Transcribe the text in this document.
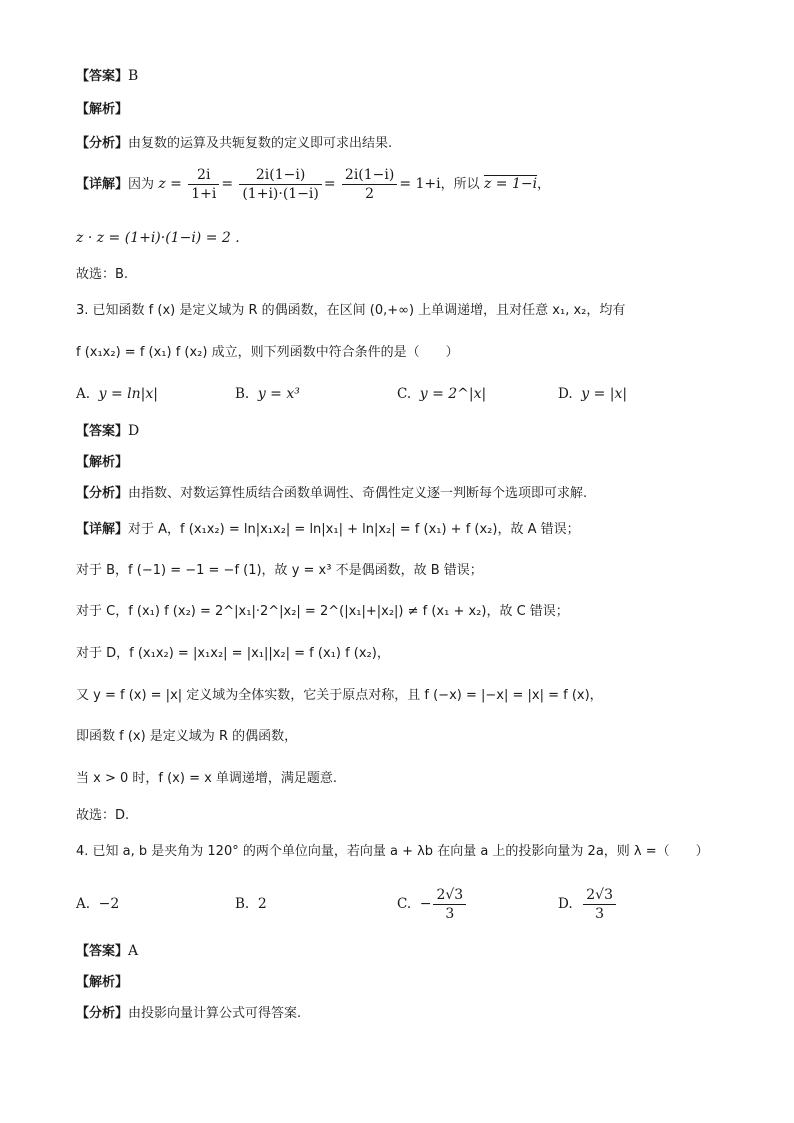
【答案】B
【解析】
【分析】由复数的运算及共轭复数的定义即可求出结果.
【详解】因为 $z = \frac{2i}{1+i} = \frac{2i(1-i)}{(1+i)\cdot(1-i)} = \frac{2i(1-i)}{2} = 1+i$，所以 z = 1−i，
z · z = (1+i)·(1−i) = 2 .
故选：B.
3. 已知函数 f (x) 是定义域为 R 的偶函数，在区间 (0,+∞) 上单调递增，且对任意 x₁, x₂，均有
f (x₁x₂) = f (x₁) f (x₂) 成立，则下列函数中符合条件的是（　　）
A. y = ln|x|	B. y = x³	C. y = 2^|x|	D. y = |x|
【答案】D
【解析】
【分析】由指数、对数运算性质结合函数单调性、奇偶性定义逐一判断每个选项即可求解.
【详解】对于 A，f (x₁x₂) = ln|x₁x₂| = ln|x₁| + ln|x₂| = f (x₁) + f (x₂)，故 A 错误；
对于 B，f (−1) = −1 = −f (1)，故 y = x³ 不是偶函数，故 B 错误；
对于 C，f (x₁) f (x₂) = 2^|x₁|·2^|x₂| = 2^(|x₁|+|x₂|) ≠ f (x₁ + x₂)，故 C 错误；
对于 D，f (x₁x₂) = |x₁x₂| = |x₁||x₂| = f (x₁) f (x₂)，
又 y = f (x) = |x| 定义域为全体实数，它关于原点对称，且 f (−x) = |−x| = |x| = f (x)，
即函数 f (x) 是定义域为 R 的偶函数，
当 x > 0 时，f (x) = x 单调递增，满足题意.
故选：D.
4. 已知 a, b 是夹角为 120° 的两个单位向量，若向量 a + λb 在向量 a 上的投影向量为 2a，则 λ =（　　）
A. −2	B. 2	C. − $\frac{2√3}{3}$	D. $\frac{2√3}{3}$
【答案】A
【解析】
【分析】由投影向量计算公式可得答案.
